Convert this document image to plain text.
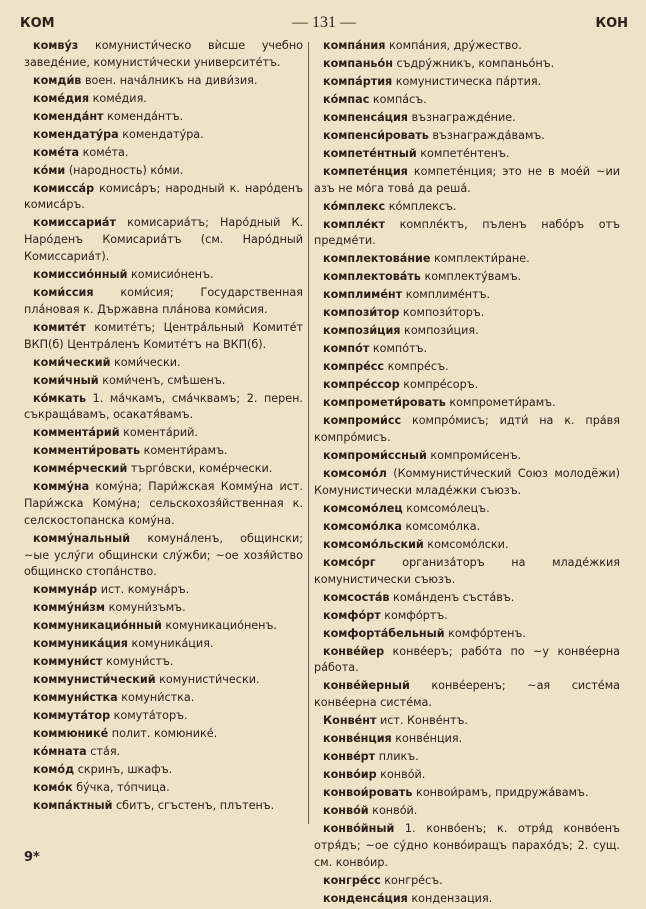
КОМ	— 131 —	КОН

комву́з комунисти́ческо вѝсше учебно заведе́ние, комунисти́чески университе́тъ.

комди́в воен. нача́лникъ на диви́зия.

коме́дия коме́дия.

коменда́нт коменда́нтъ.

комендату́ра комендату́ра.

коме́та коме́та.

ко́ми (народность) ко́ми.

комисса́р комиса́ръ; народный к. наро́денъ комиса́ръ.

комиссариа́т комисариа́тъ; Наро́дный К. Наро́денъ Комисариа́тъ (см. Наро́дный Комиссариа́т).

комиссио́нный комисио́ненъ.

коми́ссия коми́сия; Государственная пла́новая к. Държавна пла́нова коми́сия.

комите́т комите́тъ; Центра́льный Комите́т ВКП(б) Центра́ленъ Комите́тъ на ВКП(б).

коми́ческий коми́чески.

коми́чный коми́ченъ, смѣшенъ.

ко́мкать 1. ма́чкамъ, сма́чквамъ; 2. перен. съкраща́вамъ, осакатя́вамъ.

коммента́рий комента́рий.

комменти́ровать коменти́рамъ.

комме́рческий търго́вски, коме́рчески.

комму́на кому́на; Пари́жская Комму́на ист. Пари́жска Кому́на; сельскохозя́йственная к. селскостопанска кому́на.

комму́нальный комуна́ленъ, общински; ~ые услу́ги общински слу́жби; ~ое хозя́йство общинско стопа́нство.

коммуна́р ист. комуна́ръ.

комму́ни́зм комуни́зъмъ.

коммуникацио́нный комуникацио́ненъ.

коммуника́ция комуника́ция.

коммуни́ст комуни́стъ.

коммунисти́ческий комунисти́чески.

коммуни́стка комуни́стка.

коммута́тор комута́торъ.

коммюнике́ полит. комюнике́.

ко́мната ста́я.

комо́д скринъ, шкафъ.

комо́к бу́чка, то́пчица.

компа́ктный сбитъ, сгъстенъ, плътенъ.

компа́ния компа́ния, дру́жество.

компаньо́н съдру́жникъ, компаньо́нъ.

компа́ртия комунистическа па́ртия.

ко́мпас компа́съ.

компенса́ция възнагражде́ние.

компенси́ровать възнагражда́вамъ.

компете́нтный компете́нтенъ.

компете́нция компете́нция; это не в мое́й ~ии азъ не мо́га това́ да реша́.

ко́мплекс ко́мплексъ.

компле́кт компле́ктъ, пъленъ набо́ръ отъ предме́ти.

комплектова́ние комплекти́ране.

комплектова́ть комплекту́вамъ.

комплиме́нт комплиме́нтъ.

компози́тор компози́торъ.

компози́ция компози́ция.

компо́т компо́тъ.

компре́сс компре́съ.

компре́ссор компре́соръ.

компромети́ровать компромети́рамъ.

компроми́сс компро́мисъ; идти́ на к. пра́вя компро́мисъ.

компроми́ссный компроми́сенъ.

комсомо́л (Коммунисти́ческий Союз молодёжи) Комунистически младе́жки съюзъ.

комсомо́лец комсомо́лецъ.

комсомо́лка комсомо́лка.

комсомо́льский комсомо́лски.

комсо́рг организа́торъ на младе́жкия комунистически съюзъ.

комсоста́в кома́нденъ съста́въ.

комфо́рт комфо́ртъ.

комфорта́бельный комфо́ртенъ.

конве́йер конве́еръ; рабо́та по ~у конве́ерна ра́бота.

конве́йерный конве́еренъ; ~ая систе́ма конве́ерна систе́ма.

Конве́нт ист. Конве́нтъ.

конве́нция конве́нция.

конве́рт пликъ.

конво́ир конво́й.

конвои́ровать конвои́рамъ, придружа́вамъ.

конво́й конво́й.

конво́йный 1. конво́енъ; к. отря́д конво́енъ отря́дъ; ~ое су́дно конво́иращъ парахо́дъ; 2. сущ. см. конво́ир.

конгре́сс конгре́съ.

конденса́ция кондензация.

9*
